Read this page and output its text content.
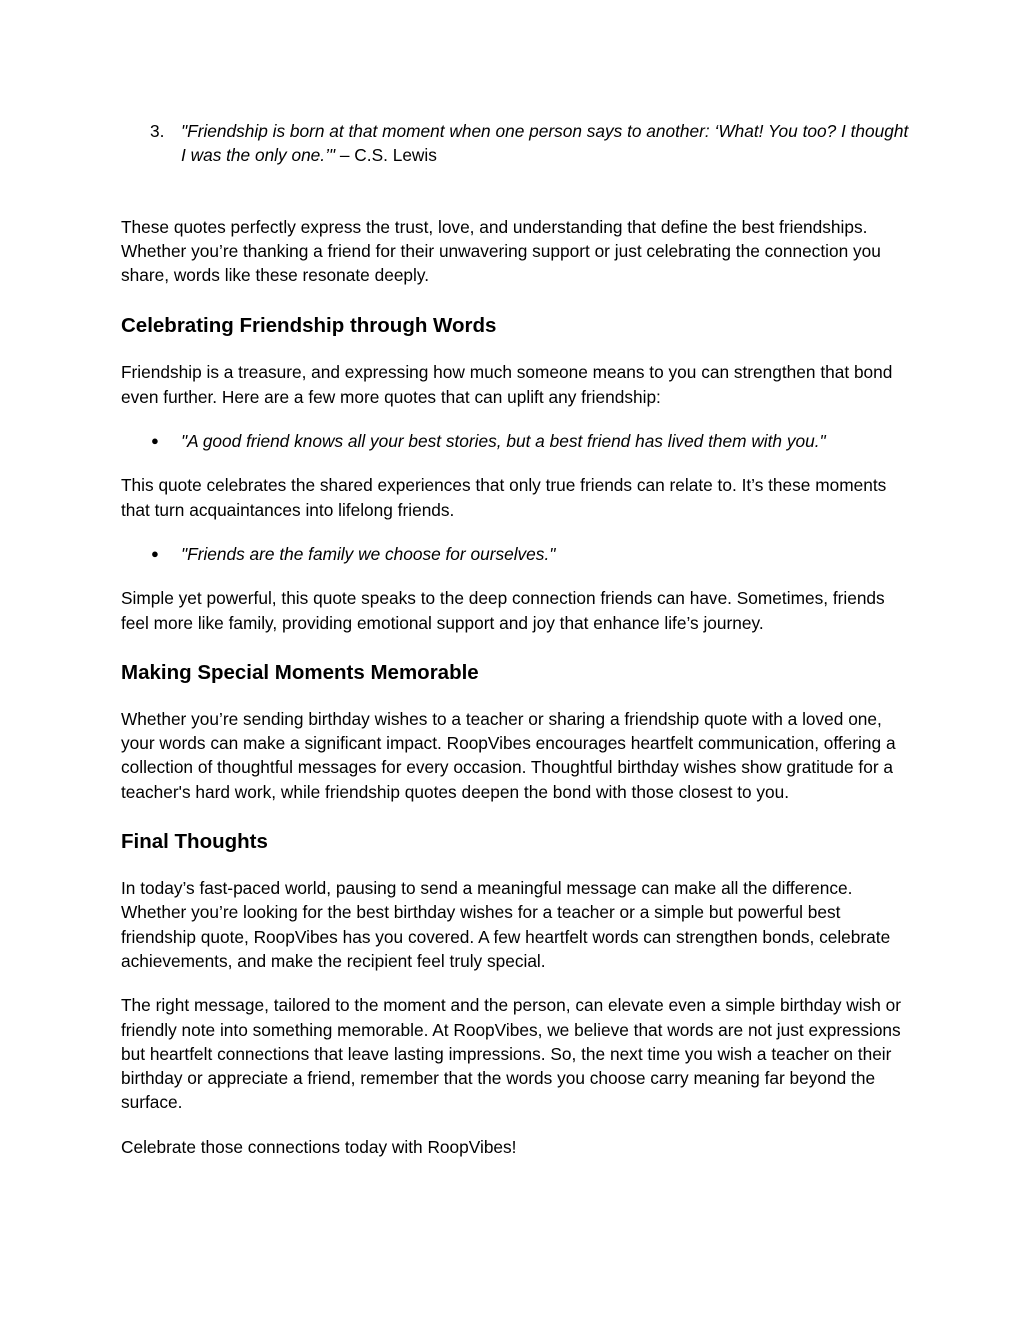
3. "Friendship is born at that moment when one person says to another: ‘What! You too? I thought I was the only one.’" – C.S. Lewis

These quotes perfectly express the trust, love, and understanding that define the best friendships. Whether you’re thanking a friend for their unwavering support or just celebrating the connection you share, words like these resonate deeply.

Celebrating Friendship through Words

Friendship is a treasure, and expressing how much someone means to you can strengthen that bond even further. Here are a few more quotes that can uplift any friendship:

● "A good friend knows all your best stories, but a best friend has lived them with you."

This quote celebrates the shared experiences that only true friends can relate to. It’s these moments that turn acquaintances into lifelong friends.

● "Friends are the family we choose for ourselves."

Simple yet powerful, this quote speaks to the deep connection friends can have. Sometimes, friends feel more like family, providing emotional support and joy that enhance life’s journey.

Making Special Moments Memorable

Whether you’re sending birthday wishes to a teacher or sharing a friendship quote with a loved one, your words can make a significant impact. RoopVibes encourages heartfelt communication, offering a collection of thoughtful messages for every occasion. Thoughtful birthday wishes show gratitude for a teacher's hard work, while friendship quotes deepen the bond with those closest to you.

Final Thoughts

In today’s fast-paced world, pausing to send a meaningful message can make all the difference. Whether you’re looking for the best birthday wishes for a teacher or a simple but powerful best friendship quote, RoopVibes has you covered. A few heartfelt words can strengthen bonds, celebrate achievements, and make the recipient feel truly special.

The right message, tailored to the moment and the person, can elevate even a simple birthday wish or friendly note into something memorable. At RoopVibes, we believe that words are not just expressions but heartfelt connections that leave lasting impressions. So, the next time you wish a teacher on their birthday or appreciate a friend, remember that the words you choose carry meaning far beyond the surface.

Celebrate those connections today with RoopVibes!
